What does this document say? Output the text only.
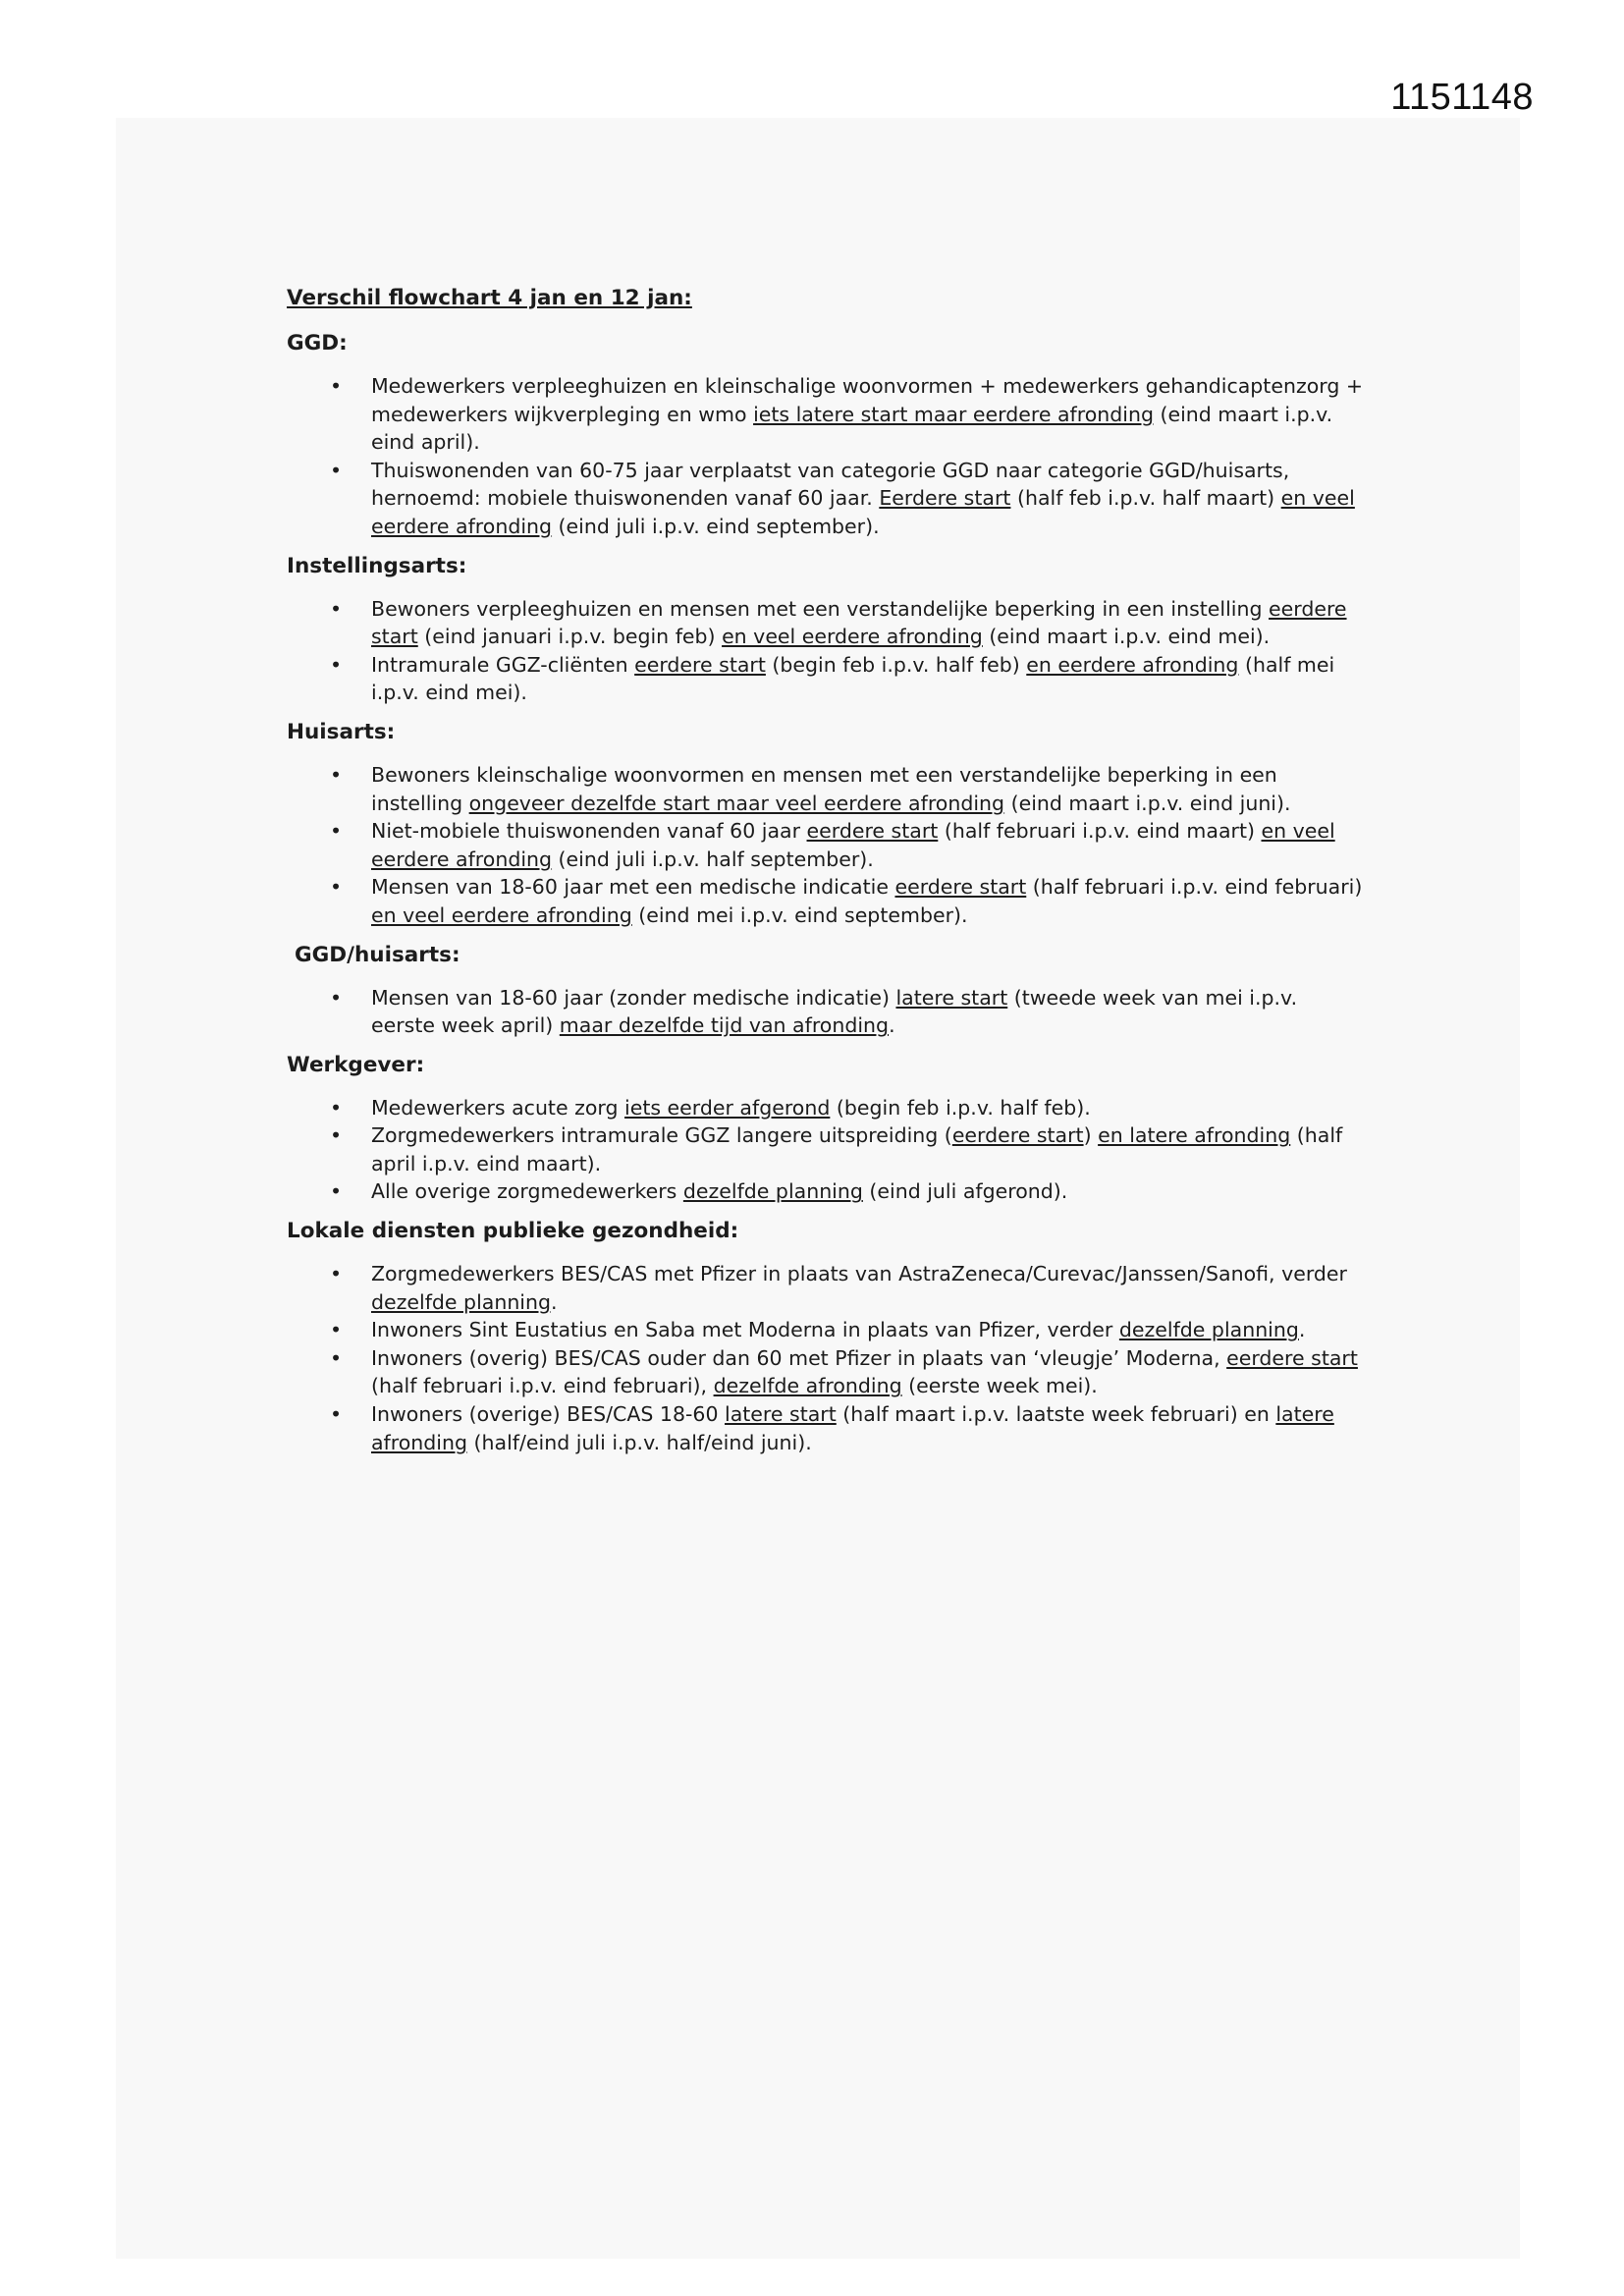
1151148
Verschil flowchart 4 jan en 12 jan:
GGD:
• Medewerkers verpleeghuizen en kleinschalige woonvormen + medewerkers gehandicaptenzorg + medewerkers wijkverpleging en wmo iets latere start maar eerdere afronding (eind maart i.p.v. eind april).
• Thuiswonenden van 60-75 jaar verplaatst van categorie GGD naar categorie GGD/huisarts, hernoemd: mobiele thuiswonenden vanaf 60 jaar. Eerdere start (half feb i.p.v. half maart) en veel eerdere afronding (eind juli i.p.v. eind september).
Instellingsarts:
• Bewoners verpleeghuizen en mensen met een verstandelijke beperking in een instelling eerdere start (eind januari i.p.v. begin feb) en veel eerdere afronding (eind maart i.p.v. eind mei).
• Intramurale GGZ-cliënten eerdere start (begin feb i.p.v. half feb) en eerdere afronding (half mei i.p.v. eind mei).
Huisarts:
• Bewoners kleinschalige woonvormen en mensen met een verstandelijke beperking in een instelling ongeveer dezelfde start maar veel eerdere afronding (eind maart i.p.v. eind juni).
• Niet-mobiele thuiswonenden vanaf 60 jaar eerdere start (half februari i.p.v. eind maart) en veel eerdere afronding (eind juli i.p.v. half september).
• Mensen van 18-60 jaar met een medische indicatie eerdere start (half februari i.p.v. eind februari) en veel eerdere afronding (eind mei i.p.v. eind september).
GGD/huisarts:
• Mensen van 18-60 jaar (zonder medische indicatie) latere start (tweede week van mei i.p.v. eerste week april) maar dezelfde tijd van afronding.
Werkgever:
• Medewerkers acute zorg iets eerder afgerond (begin feb i.p.v. half feb).
• Zorgmedewerkers intramurale GGZ langere uitspreiding (eerdere start) en latere afronding (half april i.p.v. eind maart).
• Alle overige zorgmedewerkers dezelfde planning (eind juli afgerond).
Lokale diensten publieke gezondheid:
• Zorgmedewerkers BES/CAS met Pfizer in plaats van AstraZeneca/Curevac/Janssen/Sanofi, verder dezelfde planning.
• Inwoners Sint Eustatius en Saba met Moderna in plaats van Pfizer, verder dezelfde planning.
• Inwoners (overig) BES/CAS ouder dan 60 met Pfizer in plaats van ‘vleugje’ Moderna, eerdere start (half februari i.p.v. eind februari), dezelfde afronding (eerste week mei).
• Inwoners (overige) BES/CAS 18-60 latere start (half maart i.p.v. laatste week februari) en latere afronding (half/eind juli i.p.v. half/eind juni).
